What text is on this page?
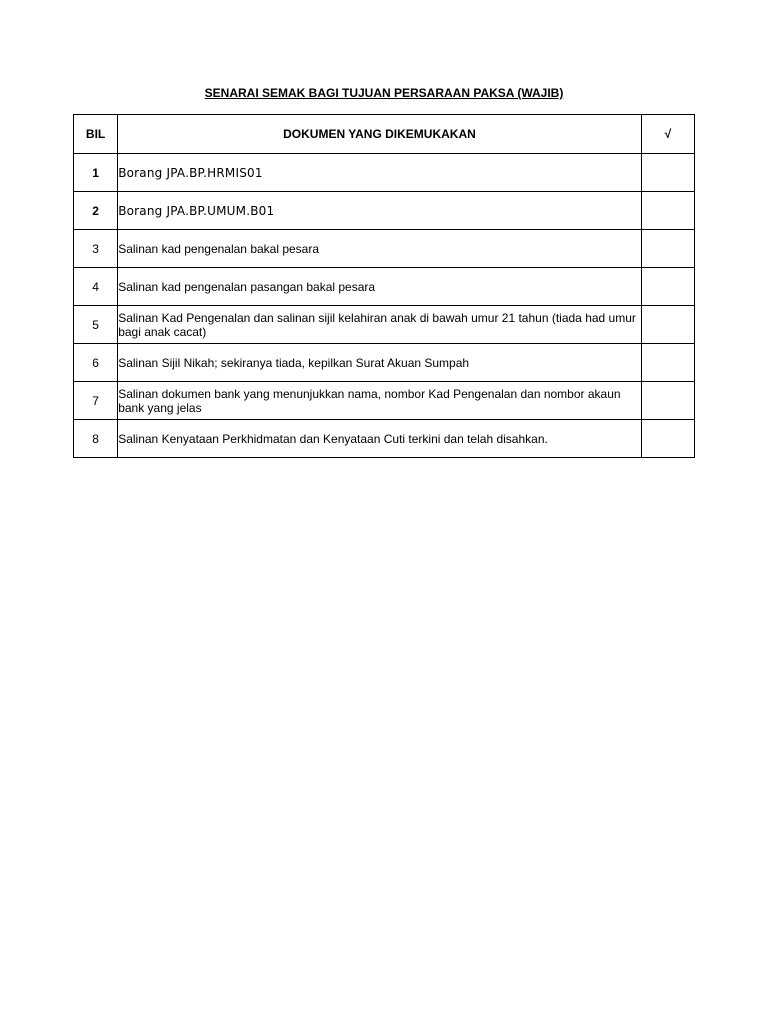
SENARAI SEMAK BAGI TUJUAN PERSARAAN PAKSA (WAJIB)
BIL	DOKUMEN YANG DIKEMUKAKAN	√
1	Borang JPA.BP.HRMIS01	
2	Borang JPA.BP.UMUM.B01	
3	Salinan kad pengenalan bakal pesara	
4	Salinan kad pengenalan pasangan bakal pesara	
5	Salinan Kad Pengenalan dan salinan sijil kelahiran anak di bawah umur 21 tahun (tiada had umur bagi anak cacat)	
6	Salinan Sijil Nikah; sekiranya tiada, kepilkan Surat Akuan Sumpah	
7	Salinan dokumen bank yang menunjukkan nama, nombor Kad Pengenalan dan nombor akaun bank yang jelas	
8	Salinan Kenyataan Perkhidmatan dan Kenyataan Cuti terkini dan telah disahkan.	
